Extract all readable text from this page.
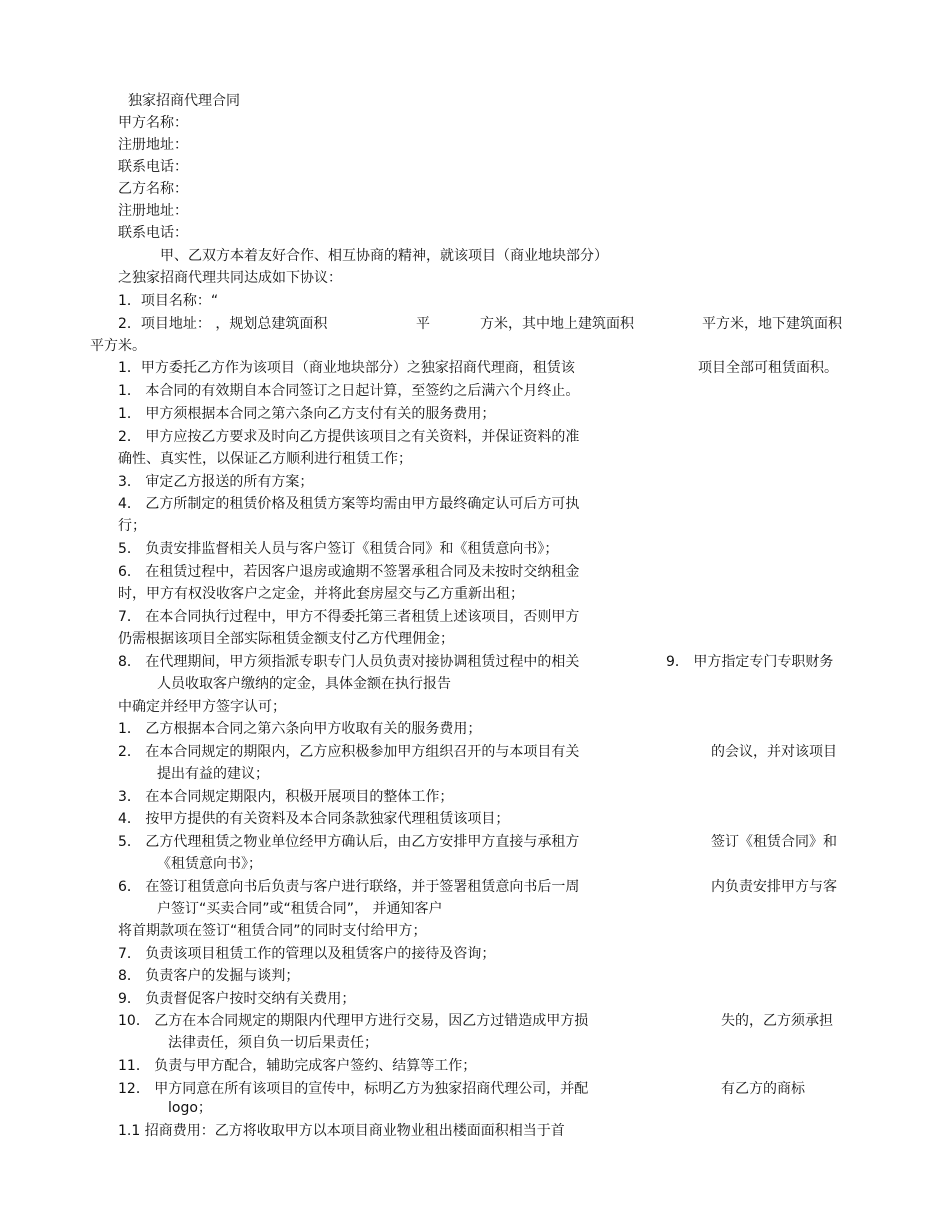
独家招商代理合同
甲方名称：
注册地址：
联系电话：
乙方名称：
注册地址：
联系电话：
甲、乙双方本着友好合作、相互协商的精神，就该项目（商业地块部分）
之独家招商代理共同达成如下协议：
1．项目名称：“
2．项目地址： ，规划总建筑面积	平	方米，其中地上建筑面积	平方米，地下建筑面积
平方米。
1．甲方委托乙方作为该项目（商业地块部分）之独家招商代理商，租赁该	项目全部可租赁面积。
1． 本合同的有效期自本合同签订之日起计算，至签约之后满六个月终止。
1． 甲方须根据本合同之第六条向乙方支付有关的服务费用；
2． 甲方应按乙方要求及时向乙方提供该项目之有关资料，并保证资料的准
确性、真实性，以保证乙方顺利进行租赁工作；
3． 审定乙方报送的所有方案；
4． 乙方所制定的租赁价格及租赁方案等均需由甲方最终确定认可后方可执
行；
5． 负责安排监督相关人员与客户签订《租赁合同》和《租赁意向书》；
6． 在租赁过程中，若因客户退房或逾期不签署承租合同及未按时交纳租金
时，甲方有权没收客户之定金，并将此套房屋交与乙方重新出租；
7． 在本合同执行过程中，甲方不得委托第三者租赁上述该项目，否则甲方
仍需根据该项目全部实际租赁金额支付乙方代理佣金；
8． 在代理期间，甲方须指派专职专门人员负责对接协调租赁过程中的相关	9． 甲方指定专门专职财务
人员收取客户缴纳的定金，具体金额在执行报告
中确定并经甲方签字认可；
1． 乙方根据本合同之第六条向甲方收取有关的服务费用；
2． 在本合同规定的期限内，乙方应积极参加甲方组织召开的与本项目有关	的会议，并对该项目
提出有益的建议；
3． 在本合同规定期限内，积极开展项目的整体工作；
4． 按甲方提供的有关资料及本合同条款独家代理租赁该项目；
5． 乙方代理租赁之物业单位经甲方确认后，由乙方安排甲方直接与承租方	签订《租赁合同》和
《租赁意向书》；
6． 在签订租赁意向书后负责与客户进行联络，并于签署租赁意向书后一周	内负责安排甲方与客
户签订“买卖合同”或“租赁合同”， 并通知客户
将首期款项在签订“租赁合同”的同时支付给甲方；
7． 负责该项目租赁工作的管理以及租赁客户的接待及咨询；
8． 负责客户的发掘与谈判；
9． 负责督促客户按时交纳有关费用；
10． 乙方在本合同规定的期限内代理甲方进行交易，因乙方过错造成甲方损	失的，乙方须承担
法律责任，须自负一切后果责任；
11． 负责与甲方配合，辅助完成客户签约、结算等工作；
12． 甲方同意在所有该项目的宣传中，标明乙方为独家招商代理公司，并配	有乙方的商标
logo；
1.1 招商费用：乙方将收取甲方以本项目商业物业租出楼面面积相当于首
